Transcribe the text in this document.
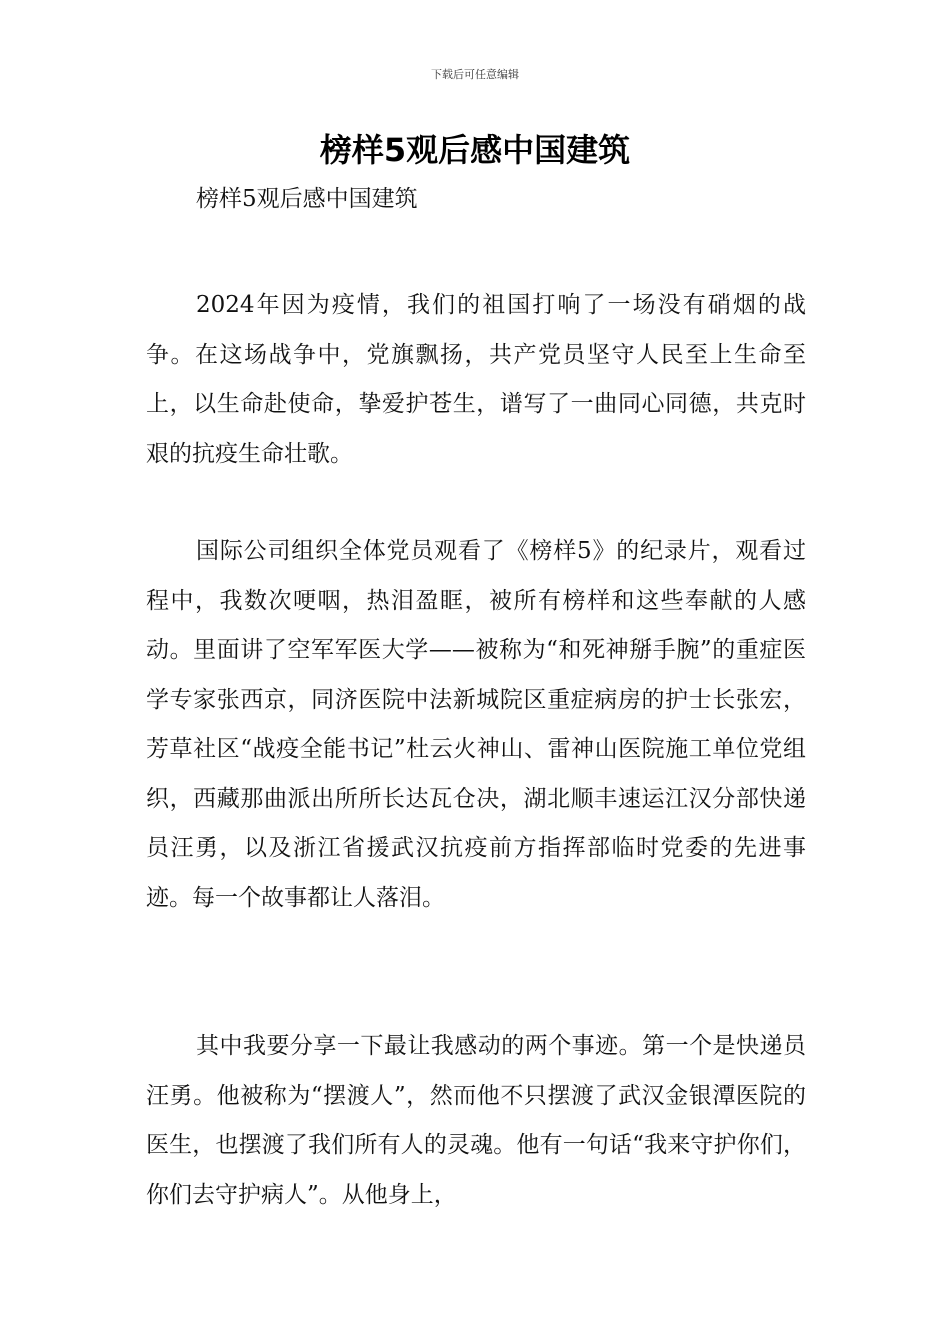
下载后可任意编辑
榜样5观后感中国建筑

榜样5观后感中国建筑

2024年因为疫情，我们的祖国打响了一场没有硝烟的战争。在这场战争中，党旗飘扬，共产党员坚守人民至上生命至上，以生命赴使命，挚爱护苍生，谱写了一曲同心同德，共克时艰的抗疫生命壮歌。

国际公司组织全体党员观看了《榜样5》的纪录片，观看过程中，我数次哽咽，热泪盈眶，被所有榜样和这些奉献的人感动。里面讲了空军军医大学——被称为“和死神掰手腕”的重症医学专家张西京，同济医院中法新城院区重症病房的护士长张宏，芳草社区“战疫全能书记”杜云火神山、雷神山医院施工单位党组织，西藏那曲派出所所长达瓦仓决，湖北顺丰速运江汉分部快递员汪勇，以及浙江省援武汉抗疫前方指挥部临时党委的先进事迹。每一个故事都让人落泪。

其中我要分享一下最让我感动的两个事迹。第一个是快递员汪勇。他被称为“摆渡人”，然而他不只摆渡了武汉金银潭医院的医生，也摆渡了我们所有人的灵魂。他有一句话“我来守护你们，你们去守护病人”。从他身上，
